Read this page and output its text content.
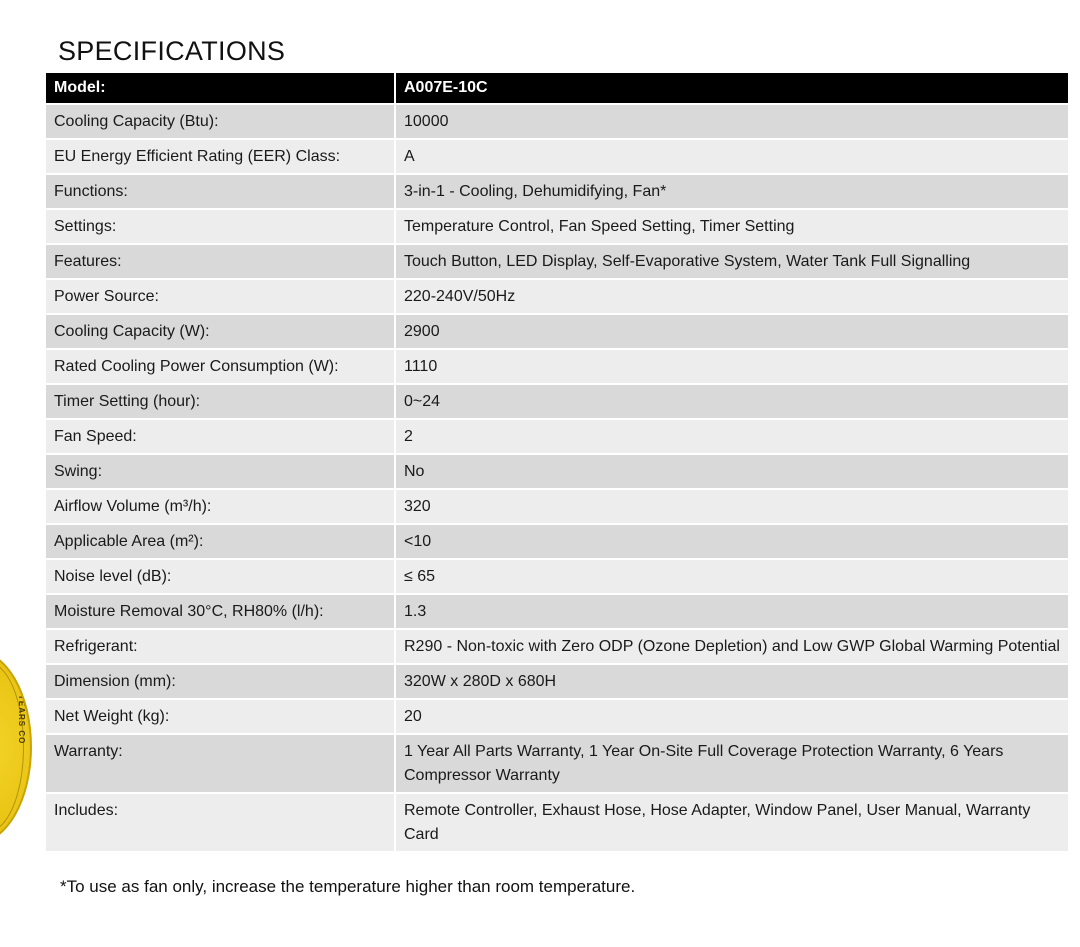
6 YEARS CO
SPECIFICATIONS
Model:	A007E-10C
Cooling Capacity (Btu):	10000
EU Energy Efficient Rating (EER) Class:	A
Functions:	3-in-1 - Cooling, Dehumidifying, Fan*
Settings:	Temperature Control, Fan Speed Setting, Timer Setting
Features:	Touch Button, LED Display, Self-Evaporative System, Water Tank Full Signalling
Power Source:	220-240V/50Hz
Cooling Capacity (W):	2900
Rated Cooling Power Consumption (W):	1110
Timer Setting (hour):	0~24
Fan Speed:	2
Swing:	No
Airflow Volume (m³/h):	320
Applicable Area (m²):	<10
Noise level (dB):	≤ 65
Moisture Removal 30°C, RH80% (l/h):	1.3
Refrigerant:	R290 - Non-toxic with Zero ODP (Ozone Depletion) and Low GWP Global Warming Potential
Dimension (mm):	320W x 280D x 680H
Net Weight (kg):	20
Warranty:	1 Year All Parts Warranty, 1 Year On-Site Full Coverage Protection Warranty, 6 Years Compressor Warranty
Includes:	Remote Controller, Exhaust Hose, Hose Adapter, Window Panel, User Manual, Warranty Card
*To use as fan only, increase the temperature higher than room temperature.
